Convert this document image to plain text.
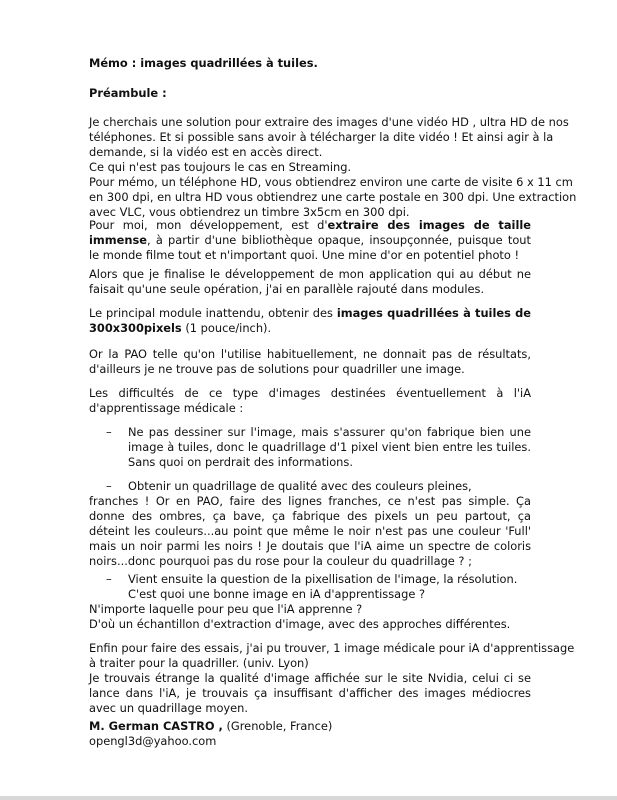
Mémo : images quadrillées à tuiles.

Préambule :

Je cherchais une solution pour extraire des images d'une vidéo HD , ultra HD de nos
téléphones. Et si possible sans avoir à télécharger la dite vidéo ! Et ainsi agir à la
demande, si la vidéo est en accès direct.
Ce qui n'est pas toujours le cas en Streaming.
Pour mémo, un téléphone HD, vous obtiendrez environ une carte de visite 6 x 11 cm
en 300 dpi, en ultra HD vous obtiendrez une carte postale en 300 dpi. Une extraction
avec VLC, vous obtiendrez un timbre 3x5cm en 300 dpi.

Pour moi, mon développement, est d'extraire des images de taille immense, à partir d'une bibliothèque opaque, insoupçonnée, puisque tout le monde filme tout et n'important quoi. Une mine d'or en potentiel photo !

Alors que je finalise le développement de mon application qui au début ne faisait qu'une seule opération, j'ai en parallèle rajouté dans modules.

Le principal module inattendu, obtenir des images quadrillées à tuiles de 300x300pixels (1 pouce/inch).

Or la PAO telle qu'on l'utilise habituellement, ne donnait pas de résultats, d'ailleurs je ne trouve pas de solutions pour quadriller une image.

Les difficultés de ce type d'images destinées éventuellement à l'iA d'apprentissage médicale :

– Ne pas dessiner sur l'image, mais s'assurer qu'on fabrique bien une image à tuiles, donc le quadrillage d'1 pixel vient bien entre les tuiles. Sans quoi on perdrait des informations.

– Obtenir un quadrillage de qualité avec des couleurs pleines,

franches ! Or en PAO, faire des lignes franches, ce n'est pas simple. Ça donne des ombres, ça bave, ça fabrique des pixels un peu partout, ça déteint les couleurs...au point que même le noir n'est pas une couleur 'Full' mais un noir parmi les noirs ! Je doutais que l'iA aime un spectre de coloris noirs...donc pourquoi pas du rose pour la couleur du quadrillage ? ;

– Vient ensuite la question de la pixellisation de l'image, la résolution.
C'est quoi une bonne image en iA d'apprentissage ?
N'importe laquelle pour peu que l'iA apprenne ?
D'où un échantillon d'extraction d'image, avec des approches différentes.
Enfin pour faire des essais, j'ai pu trouver, 1 image médicale pour iA d'apprentissage
à traiter pour la quadriller. (univ. Lyon)

Je trouvais étrange la qualité d'image affichée sur le site Nvidia, celui ci se lance dans l'iA, je trouvais ça insuffisant d'afficher des images médiocres avec un quadrillage moyen.

M. German CASTRO , (Grenoble, France)

opengl3d@yahoo.com
